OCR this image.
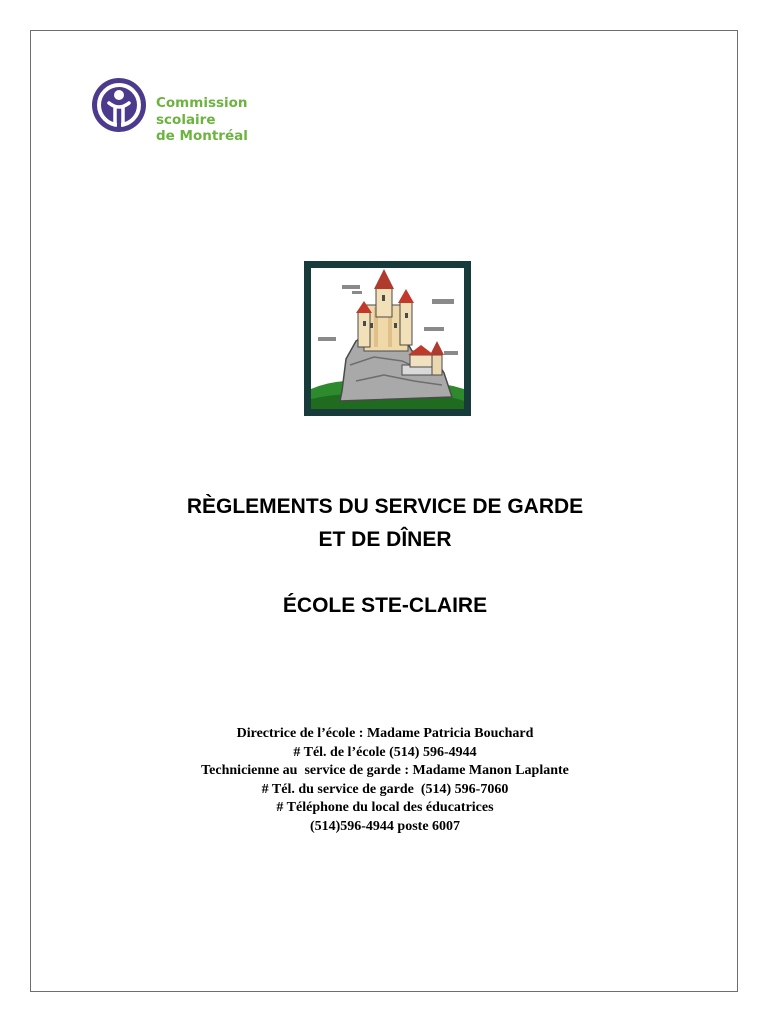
Commission
scolaire
de Montréal
RÈGLEMENTS DU SERVICE DE GARDE
ET DE DÎNER
ÉCOLE STE-CLAIRE
Directrice de l’école : Madame Patricia Bouchard
# Tél. de l’école (514) 596-4944
Technicienne au  service de garde : Madame Manon Laplante
# Tél. du service de garde  (514) 596-7060
# Téléphone du local des éducatrices
(514)596-4944 poste 6007
